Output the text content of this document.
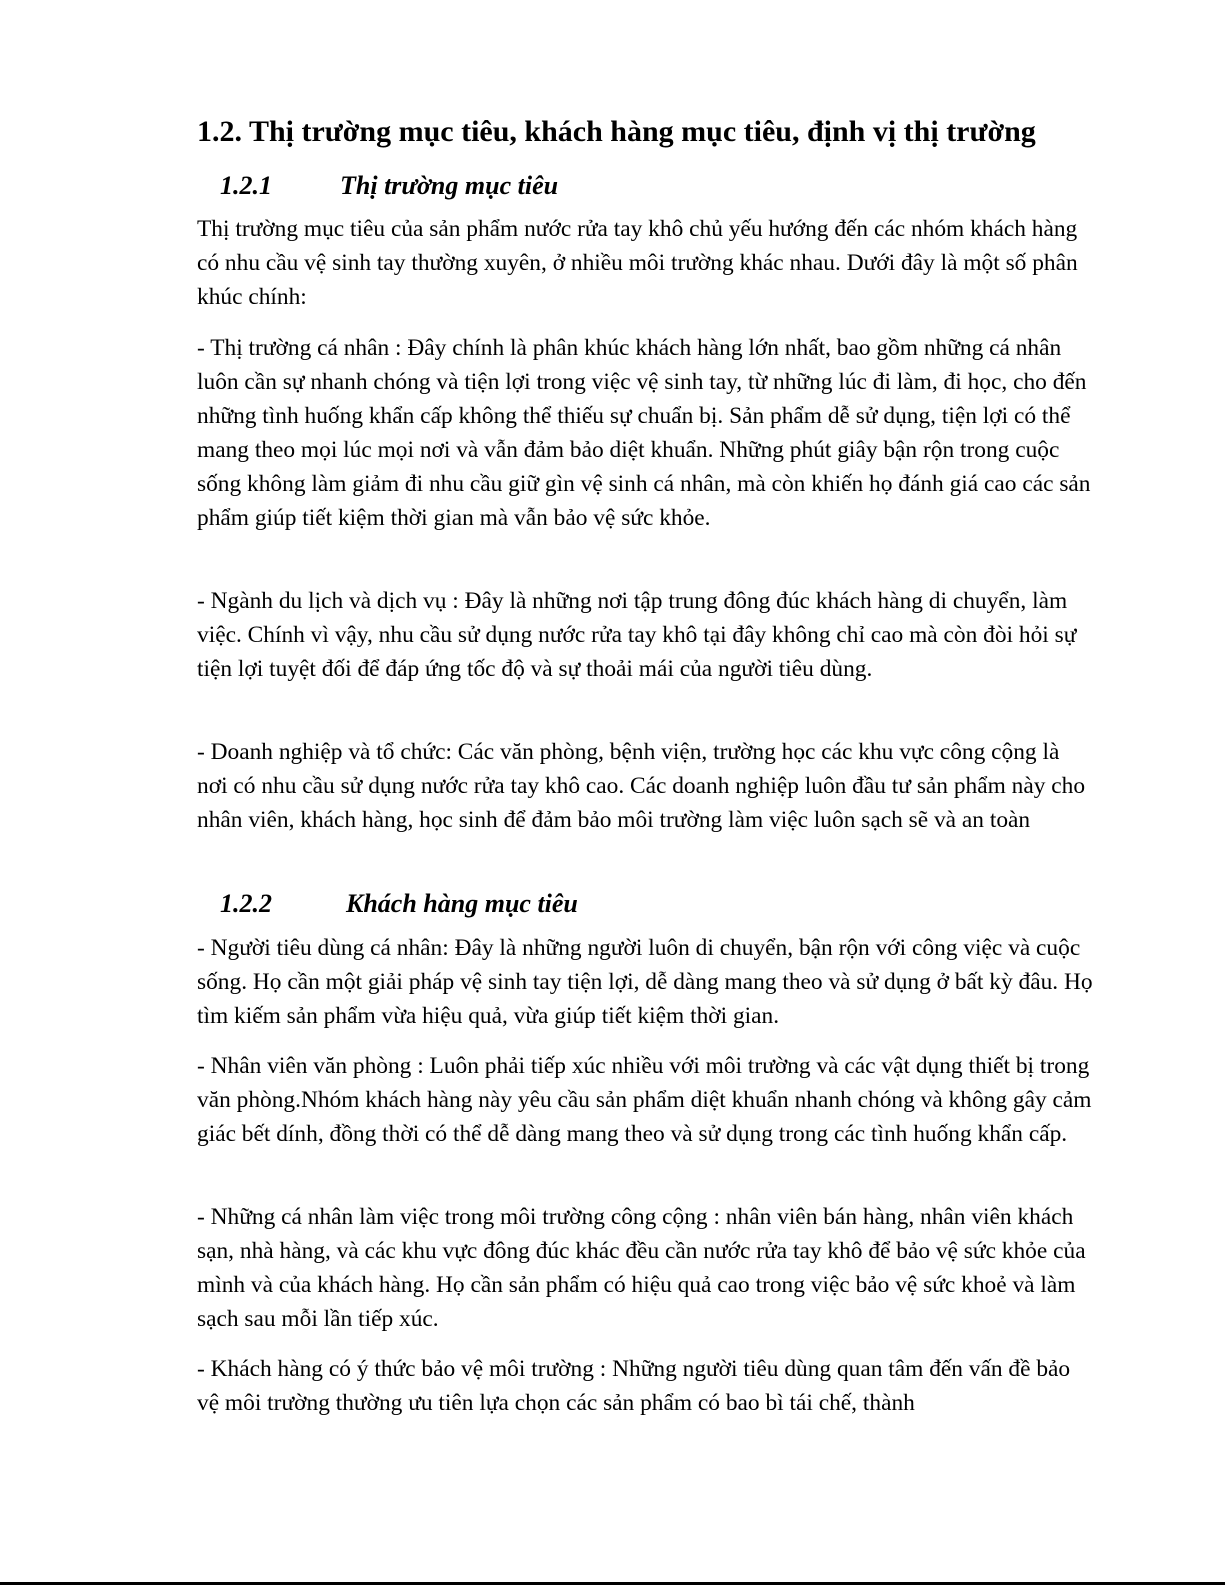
1.2. Thị trường mục tiêu, khách hàng mục tiêu, định vị thị trường
1.2.1	Thị trường mục tiêu

Thị trường mục tiêu của sản phẩm nước rửa tay khô chủ yếu hướng đến các nhóm khách hàng có nhu cầu vệ sinh tay thường xuyên, ở nhiều môi trường khác nhau. Dưới đây là một số phân khúc chính:

- Thị trường cá nhân : Đây chính là phân khúc khách hàng lớn nhất, bao gồm những cá nhân luôn cần sự nhanh chóng và tiện lợi trong việc vệ sinh tay, từ những lúc đi làm, đi học, cho đến những tình huống khẩn cấp không thể thiếu sự chuẩn bị. Sản phẩm dễ sử dụng, tiện lợi có thể mang theo mọi lúc mọi nơi và vẫn đảm bảo diệt khuẩn. Những phút giây bận rộn trong cuộc sống không làm giảm đi nhu cầu giữ gìn vệ sinh cá nhân, mà còn khiến họ đánh giá cao các sản phẩm giúp tiết kiệm thời gian mà vẫn bảo vệ sức khỏe.

- Ngành du lịch và dịch vụ : Đây là những nơi tập trung đông đúc khách hàng di chuyển, làm việc. Chính vì vậy, nhu cầu sử dụng nước rửa tay khô tại đây không chỉ cao mà còn đòi hỏi sự tiện lợi tuyệt đối để đáp ứng tốc độ và sự thoải mái của người tiêu dùng.

- Doanh nghiệp và tổ chức: Các văn phòng, bệnh viện, trường học các khu vực công cộng là nơi có nhu cầu sử dụng nước rửa tay khô cao. Các doanh nghiệp luôn đầu tư sản phẩm này cho nhân viên, khách hàng, học sinh để đảm bảo môi trường làm việc luôn sạch sẽ và an toàn

1.2.2	Khách hàng mục tiêu

- Người tiêu dùng cá nhân: Đây là những người luôn di chuyển, bận rộn với công việc và cuộc sống. Họ cần một giải pháp vệ sinh tay tiện lợi, dễ dàng mang theo và sử dụng ở bất kỳ đâu. Họ tìm kiếm sản phẩm vừa hiệu quả, vừa giúp tiết kiệm thời gian.

- Nhân viên văn phòng : Luôn phải tiếp xúc nhiều với môi trường và các vật dụng thiết bị trong văn phòng.Nhóm khách hàng này yêu cầu sản phẩm diệt khuẩn nhanh chóng và không gây cảm giác bết dính, đồng thời có thể dễ dàng mang theo và sử dụng trong các tình huống khẩn cấp.

- Những cá nhân làm việc trong môi trường công cộng : nhân viên bán hàng, nhân viên khách sạn, nhà hàng, và các khu vực đông đúc khác đều cần nước rửa tay khô để bảo vệ sức khỏe của mình và của khách hàng. Họ cần sản phẩm có hiệu quả cao trong việc bảo vệ sức khoẻ và làm sạch sau mỗi lần tiếp xúc.

- Khách hàng có ý thức bảo vệ môi trường : Những người tiêu dùng quan tâm đến vấn đề bảo vệ môi trường thường ưu tiên lựa chọn các sản phẩm có bao bì tái chế, thành
